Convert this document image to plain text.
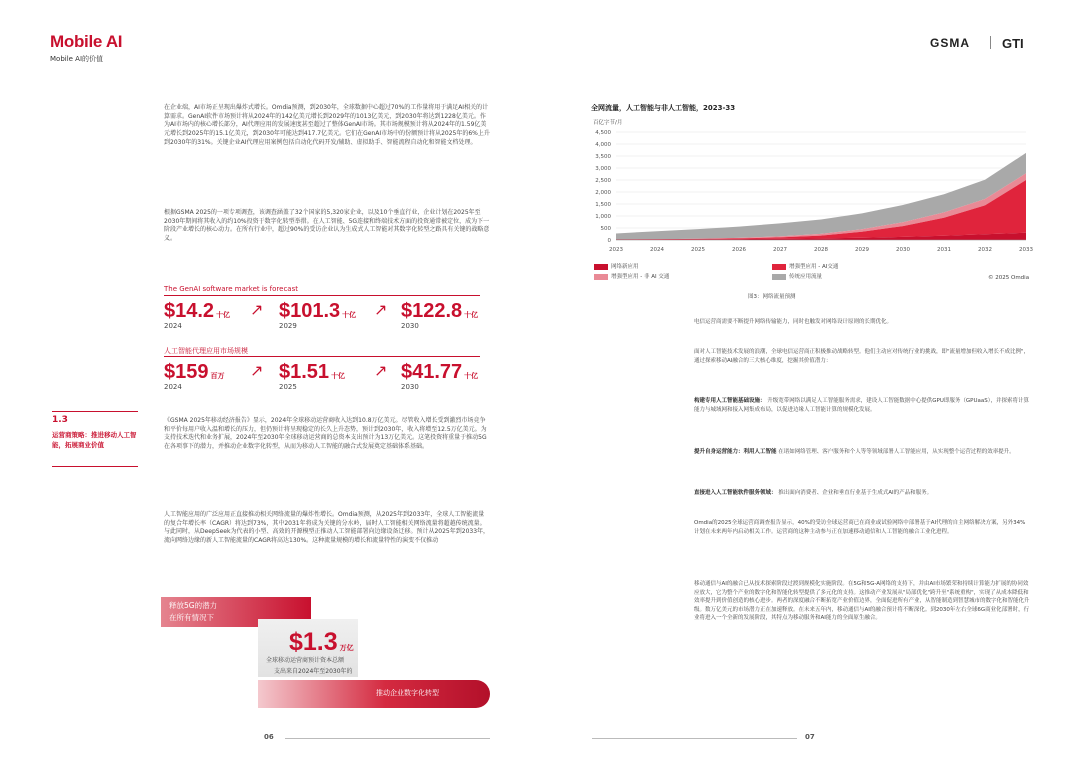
Mobile AI
Mobile AI的价值
GSMA GTI
在企业端，AI市场正呈现出爆炸式增长。Omdia预测，到2030年，全球数据中心超过70%的工作量将用于满足AI相关的计算需求。GenAI软件市场预计将从2024年的142亿美元增长到2029年的1013亿美元，到2030年将达到1228亿美元。作为AI市场内的核心增长部分，AI代理应用的发展速度甚至超过了整体GenAI市场。其市场规模预计将从2024年的1.59亿美元增长到2025年的15.1亿美元，到2030年可能达到417.7亿美元。它们在GenAI市场中的份额预计将从2025年的6%上升到2030年的31%。关键企业AI代理应用案例包括自动化代码开发/辅助、虚拟助手、智能流程自动化和智能文档处理。
根据GSMA 2025的一项专项调查，该调查涵盖了32个国家的5,320家企业，以及10个垂直行业，企业计划在2025年至2030年期间将其收入的约10%投资于数字化转型举措。在人工智能、5G连接和终端技术方面的投资通常被定位，成为下一阶段产业增长的核心动力。在所有行业中，超过90%的受访企业认为生成式人工智能对其数字化转型之路具有关键的战略意义。
The GenAI software market is forecast
$14.2 十亿
2024
↗ $101.3 十亿
2029
↗ $122.8 十亿
2030
人工智能代理应用市场规模
$159 百万
2024
↗ $1.51 十亿
2025
↗ $41.77 十亿
2030
1.3
运营商策略：推进移动人工智能，拓展商业价值
《GSMA 2025年移动经济报告》显示，2024年全球移动运营商收入达到10.8万亿美元。尽管收入增长受到激烈市场竞争和平价每用户收入温和增长的压力，但仍预计将呈现稳定的长久上升态势，预计到2030年，收入将增至12.5万亿美元。为支持技术迭代和业务扩展，2024年至2030年全球移动运营商的总资本支出预计为13万亿美元。这笔投资将重量于推动5G在各项事下的潜力，并推动企业数字化转型，从而为移动人工智能的融合式发展奠定基础体系基础。
人工智能应用的广泛应用正直接推动相关网络流量的爆炸性增长。Omdia预测，从2025年到2033年，全球人工智能流量的复合年增长率（CAGR）将达到73%，其中2031年将成为关键的分水岭，届时人工智能相关网络流量将超越传统流量。与此同时，从DeepSeek为代表的小型、高效的开源模型正推动人工智能部署向边缘设备迁移。预计从2025年到2033年，流向网络边缘的新人工智能流量的CAGR将高达130%。这种流量规模的增长和流量特性的演变不仅推动
释放5G的潜力
在所有情况下
$1.3 万亿
全球移动运营商预计资本总额
支出来自2024年至2030年的
推动企业数字化转型
06
全网流量，人工智能与非人工智能，2023-33
百亿字节/月
0
500
1,000
1,500
2,000
2,500
3,000
3,500
4,000
4,500
2023	2024	2025	2026	2027	2028	2029	2030	2031	2032	2033
网络新应用	增强型应用 - AI交通
增强型应用 - 非 AI 交通	传统应用流量	© 2025 Omdia
图3：网络流量预测
电信运营商需要不断提升网络传输能力，同时也触发对网络设计原则的长期优化。
面对人工智能技术发展的浪潮，全球电信运营商正积极推动战略转型。他们主动应对传统行业的挑战，即"流量增加但收入增长不成比例"，通过探索移动AI融合的三大核心维度，挖掘其价值潜力：
构建专用人工智能基础设施： 升级宽带网络以满足人工智能服务需求，建设人工智能数据中心提供GPU即服务（GPUaaS），并探索将计算能力与城域网和接入网集成布局，以促进边缘人工智能计算的规模化发展。
提升自身运营能力：利用人工智能 在诸如网络管理、客户服务和个人等等领域部署人工智能应用，从实现整个运营过程的效率提升。
直接进入人工智能软件服务领域： 推出面向消费者、企业和垂直行业基于生成式AI的产品和服务。
Omdia的2025全球运营商调查报告显示，40%的受访全球运营商已在商业或试验网络中部署基于AI代理的自主网络解决方案，另外34%计划在未来两年内启动相关工作。运营商的这种主动参与正在加速移动通信和人工智能的融合工业化进程。
移动通信与AI的融合已从技术探索阶段过渡到规模化实施阶段。在5G和5G-A网络的支持下，并由AI市场繁荣和持续计算能力扩展的协同效应放大，它为整个产业的数字化和智能化转型提供了多元化的支持。这推动产业发展从"局部优化"跨升至"系统重构"，实现了从成本降低和效率提升到价值创造的核心进步。两者的深度融合不断拓宽产业价值边界，全面促进所有产业，从智能制造到智慧城市的数字化和智能化升级。数万亿美元的市场潜力正在加速释放。在未来五年内，移动通信与AI的融合预计将不断深化。到2030年左右全球6G商业化部署时，行业将进入一个全新的发展阶段，其特点为移动服务和AI能力的全面原生融合。
07
